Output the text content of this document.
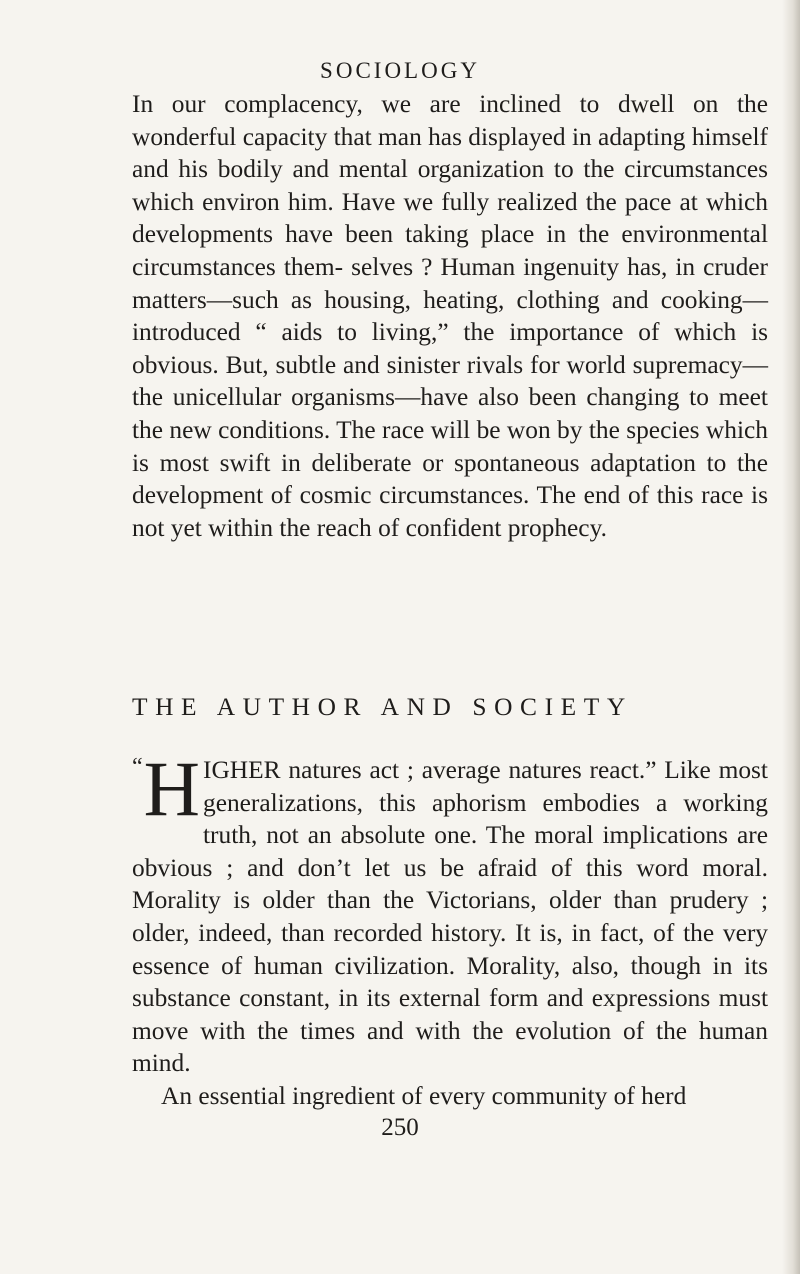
SOCIOLOGY

In our complacency, we are inclined to dwell on the wonderful capacity that man has displayed in adapting himself and his bodily and mental organization to the circumstances which environ him. Have we fully realized the pace at which developments have been taking place in the environmental circumstances them- selves ? Human ingenuity has, in cruder matters—such as housing, heating, clothing and cooking—introduced “ aids to living,” the importance of which is obvious. But, subtle and sinister rivals for world supremacy—the unicellular organisms—have also been changing to meet the new conditions. The race will be won by the species which is most swift in deliberate or spontaneous adaptation to the development of cosmic circumstances. The end of this race is not yet within the reach of confident prophecy.

THE AUTHOR AND SOCIETY

“ H IGHER natures act ; average natures react.” Like most generalizations, this aphorism embodies a working truth, not an absolute one. The moral implications are obvious ; and don’t let us be afraid of this word moral. Morality is older than the Victorians, older than prudery ; older, indeed, than recorded history. It is, in fact, of the very essence of human civilization. Morality, also, though in its substance constant, in its external form and expressions must move with the times and with the evolution of the human mind.

An essential ingredient of every community of herd

250
